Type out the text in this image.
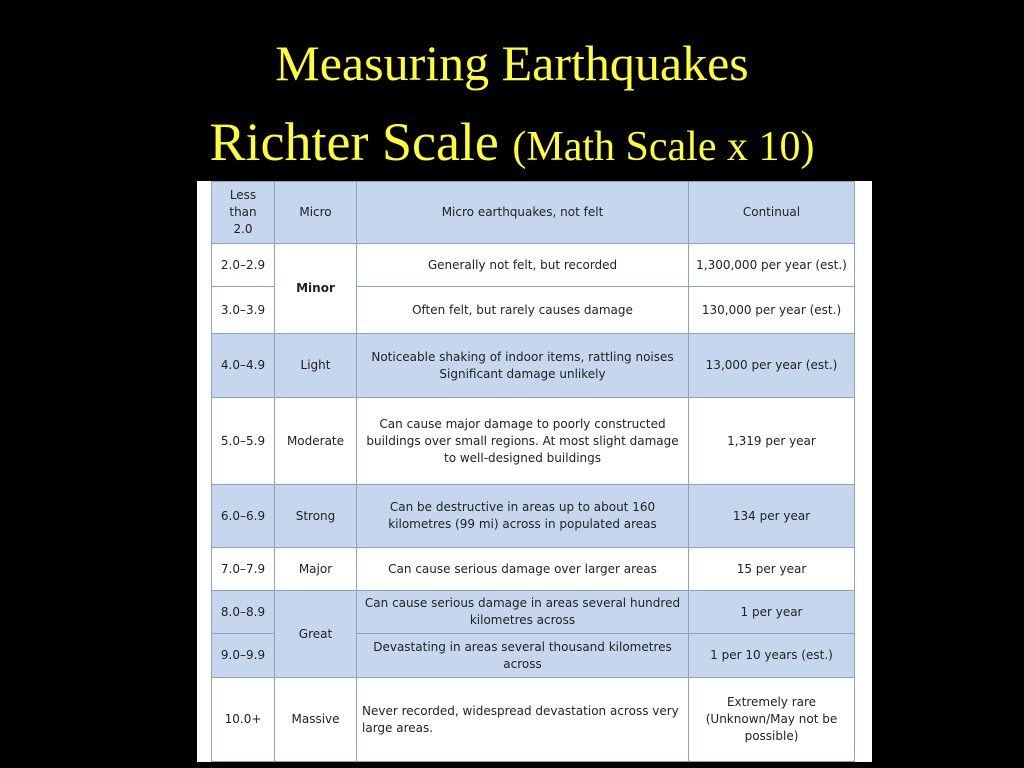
Measuring Earthquakes
Richter Scale (Math Scale x 10)
Less than 2.0	Micro	Micro earthquakes, not felt	Continual
2.0–2.9	Minor	Generally not felt, but recorded	1,300,000 per year (est.)
3.0–3.9		Often felt, but rarely causes damage	130,000 per year (est.)
4.0–4.9	Light	Noticeable shaking of indoor items, rattling noises Significant damage unlikely	13,000 per year (est.)
5.0–5.9	Moderate	Can cause major damage to poorly constructed buildings over small regions. At most slight damage to well-designed buildings	1,319 per year
6.0–6.9	Strong	Can be destructive in areas up to about 160 kilometres (99 mi) across in populated areas	134 per year
7.0–7.9	Major	Can cause serious damage over larger areas	15 per year
8.0–8.9	Great	Can cause serious damage in areas several hundred kilometres across	1 per year
9.0–9.9		Devastating in areas several thousand kilometres across	1 per 10 years (est.)
10.0+	Massive	Never recorded, widespread devastation across very large areas.	Extremely rare (Unknown/May not be possible)
